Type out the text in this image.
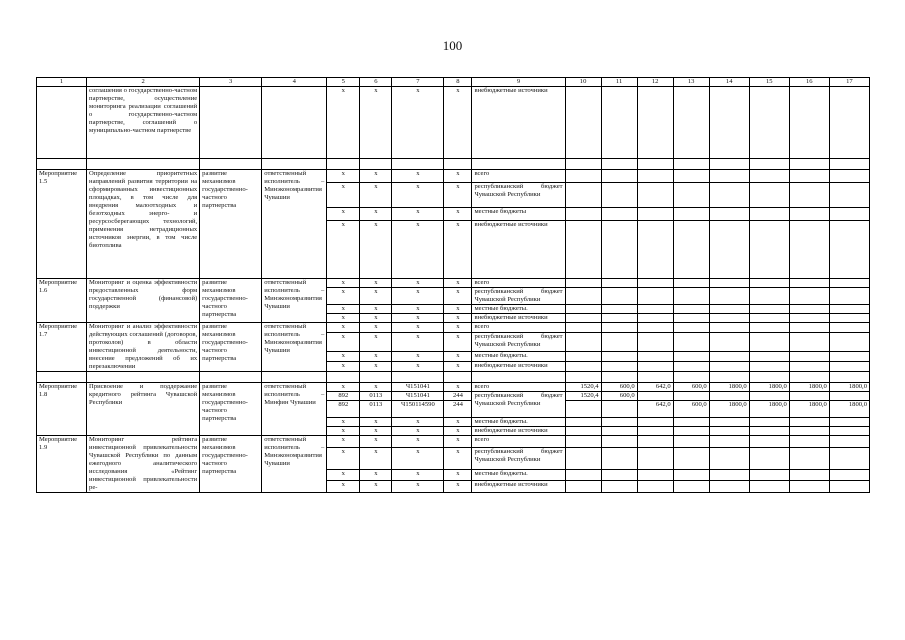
100
1	2	3	4	5	6	7	8	9	10	11	12	13	14	15	16	17
	соглашения о государственно-частном партнерстве, осуществление мониторинга реализации соглашений о государственно-частном партнерстве, соглашений о муниципально-частном партнерстве			x	x	x	x	внебюджетные источники								

Мероприятие 1.5	Определение приоритетных направлений развития территории на сформированных инвестиционных площадках, в том числе для внедрения малоотходных и безотходных энерго- и ресурсосберегающих технологий, применения нетрадиционных источников энергии, в том числе биотоплива	развитие механизмов государственно-частного партнерства	ответственный исполнитель – Минэкономразвития Чувашии	x	x	x	x	всего								
				x	x	x	x	республиканский бюджет Чувашской Республики								
				x	x	x	x	местные бюджеты								
				x	x	x	x	внебюджетные источники								
Мероприятие 1.6	Мониторинг и оценка эффективности предоставленных форм государственной (финансовой) поддержки	развитие механизмов государственно-частного партнерства	ответственный исполнитель – Минэкономразвития Чувашии	x	x	x	x	всего								
				x	x	x	x	республиканский бюджет Чувашской Республики								
				x	x	x	x	местные бюджеты.								
				x	x	x	x	внебюджетные источники								
Мероприятие 1.7	Мониторинг и анализ эффективности действующих соглашений (договоров, протоколов) в области инвестиционной деятельности, внесение предложений об их перезаключении	развитие механизмов государственно-частного партнерства	ответственный исполнитель – Минэкономразвития Чувашии	x	x	x	x	всего								
				x	x	x	x	республиканский бюджет Чувашской Республики								
				x	x	x	x	местные бюджеты.								
				x	x	x	x	внебюджетные источники								

Мероприятие 1.8	Присвоение и поддержание кредитного рейтинга Чувашской Республики	развитие механизмов государственно-частного партнерства	ответственный исполнитель – Минфин Чувашии	x	x	Ч151041	x	всего	1520,4	600,0	642,0	600,0	1800,0	1800,0	1800,0	1800,0
				892	0113	Ч151041	244	республиканский бюджет Чувашской Республики	1520,4	600,0						
				892	0113	Ч150114590	244				642,0	600,0	1800,0	1800,0	1800,0	1800,0
				x	x	x	x	местные бюджеты.								
				x	x	x	x	внебюджетные источники								
Мероприятие 1.9	Мониторинг рейтинга инвестиционной привлекательности Чувашской Республики по данным ежегодного аналитического исследования «Рейтинг инвестиционной привлекательности ре-	развитие механизмов государственно-частного партнерства	ответственный исполнитель – Минэкономразвития Чувашии	x	x	x	x	всего								
				x	x	x	x	республиканский бюджет Чувашской Республики								
				x	x	x	x	местные бюджеты.								
				x	x	x	x	внебюджетные источники								
